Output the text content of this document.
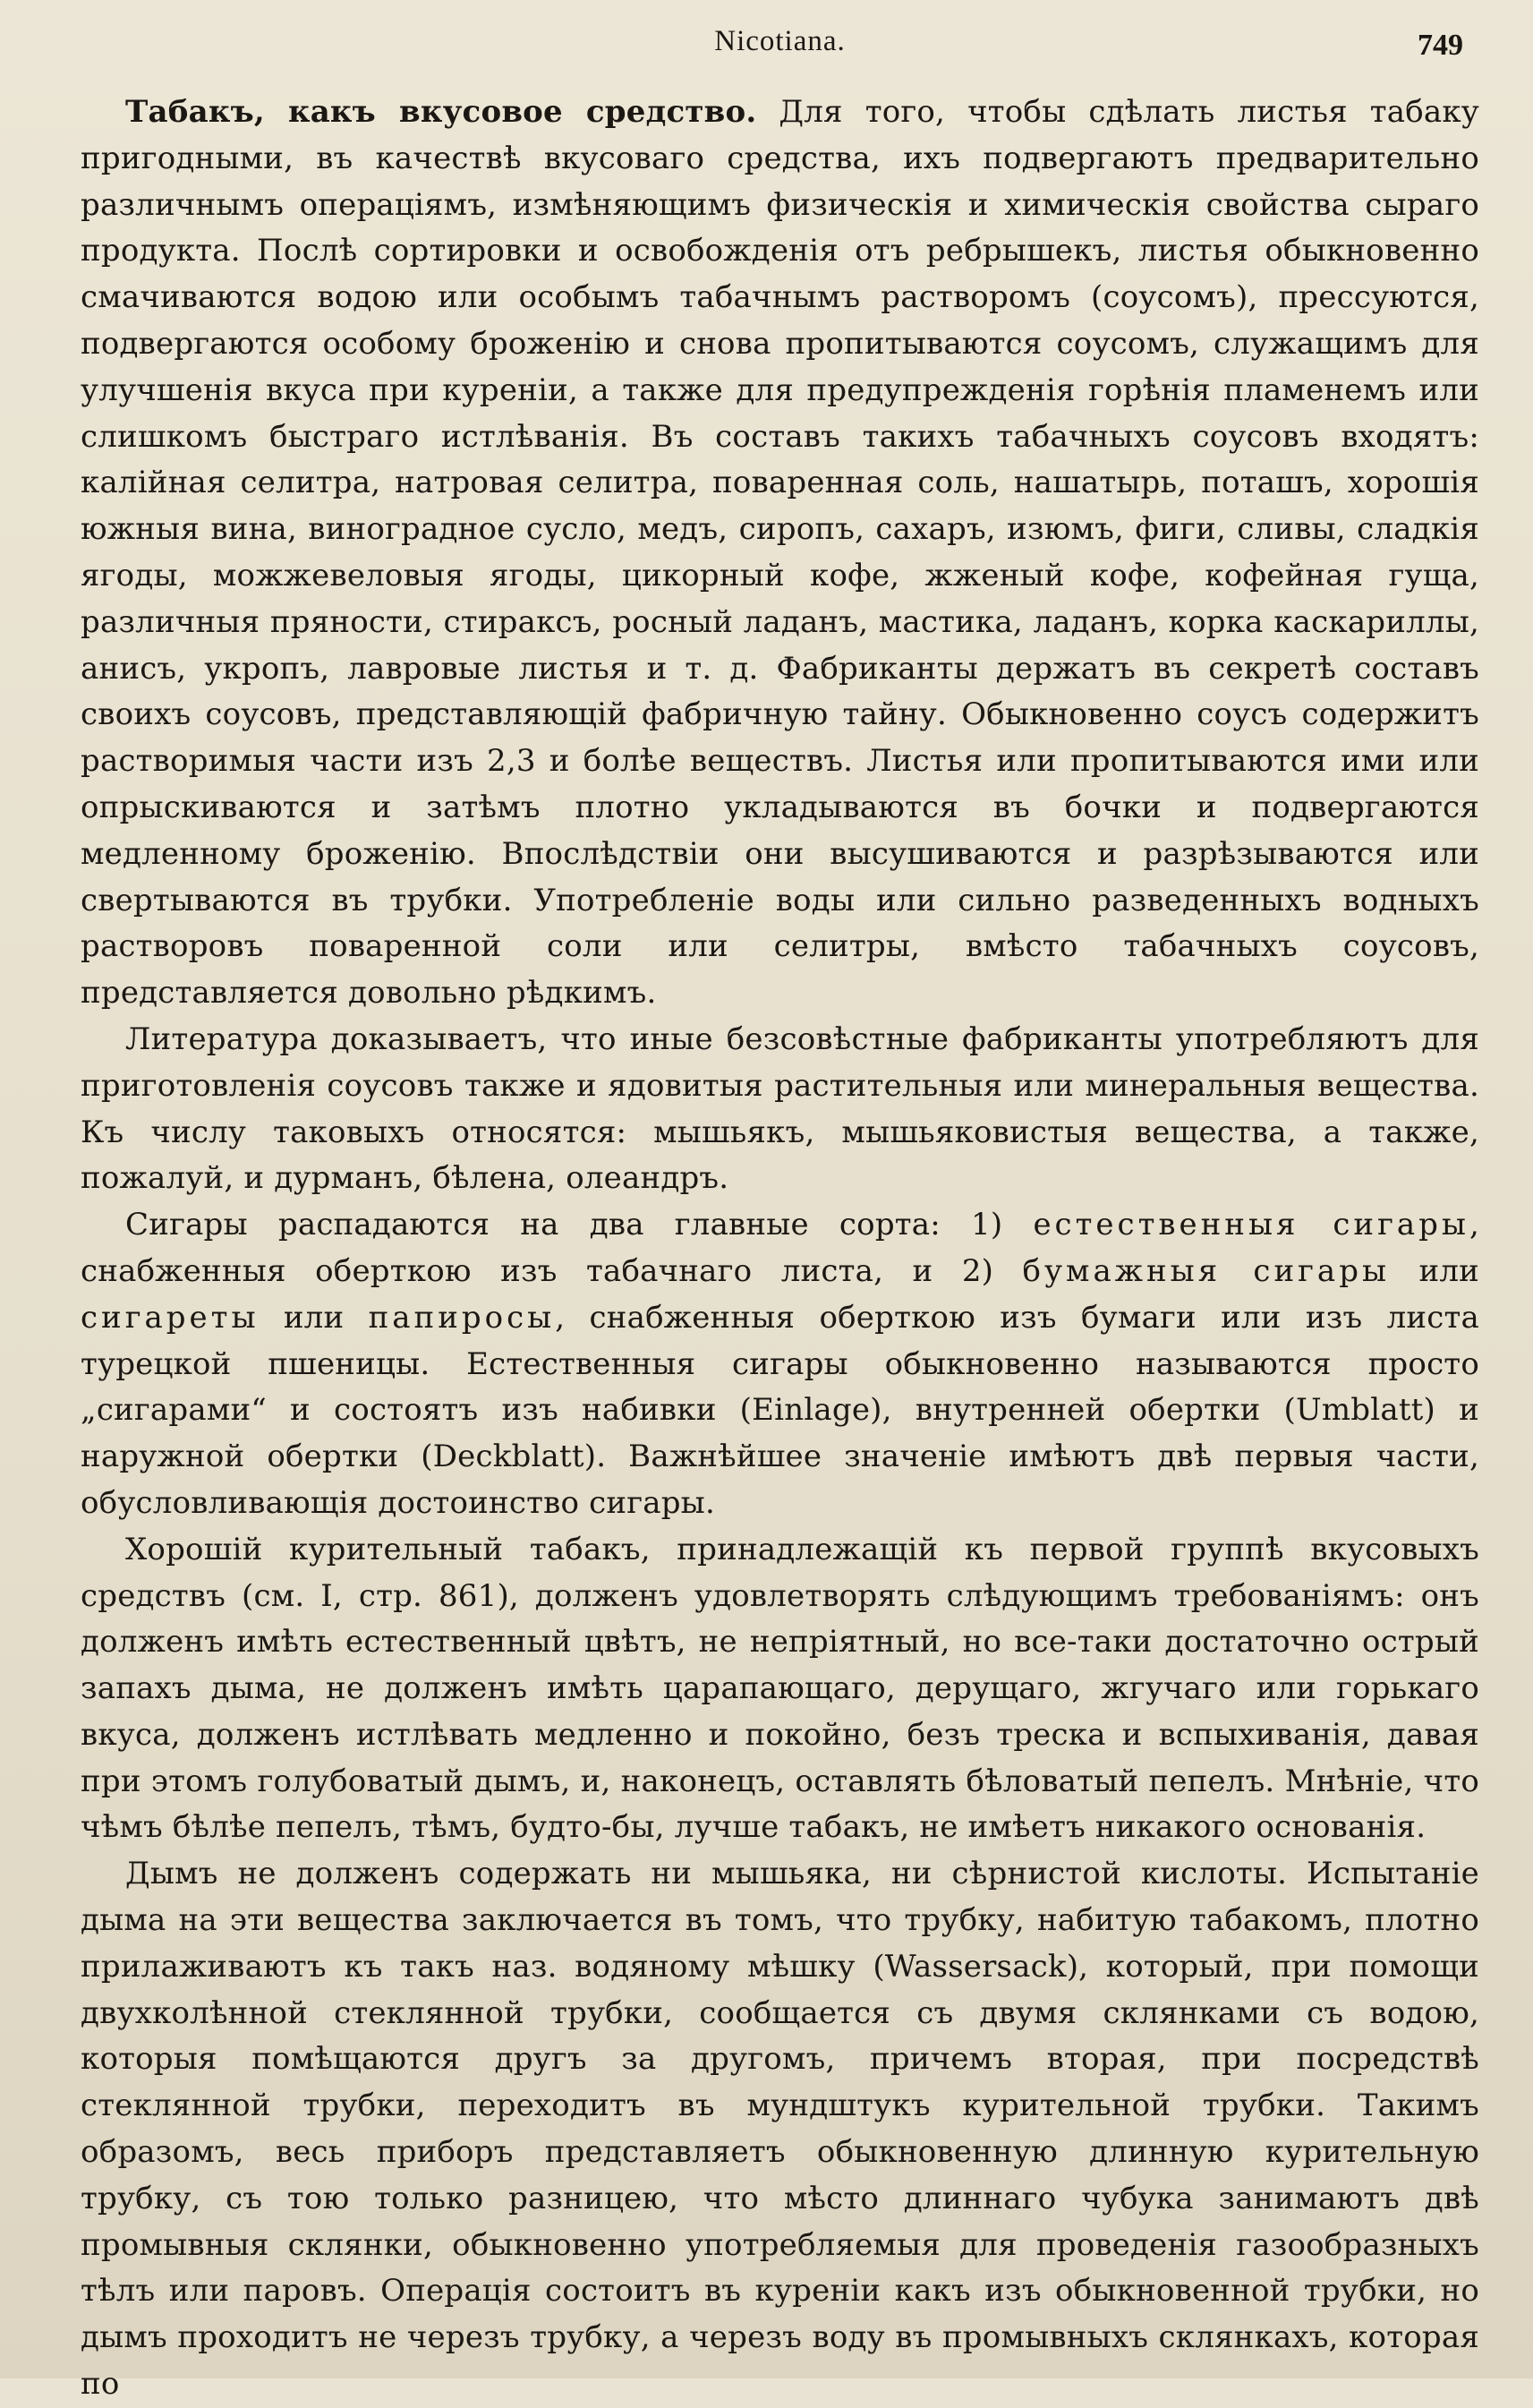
Nicotiana.	749

Табакъ, какъ вкусовое средство. Для того, чтобы сдѣлать листья табаку пригодными, въ качествѣ вкусоваго средства, ихъ подвергаютъ предварительно различнымъ операціямъ, измѣняющимъ физическія и химическія свойства сыраго продукта. Послѣ сортировки и освобожденія отъ ребрышекъ, листья обыкновенно смачиваются водою или особымъ табачнымъ растворомъ (соусомъ), прессуются, подвергаются особому броженію и снова пропитываются соусомъ, служащимъ для улучшенія вкуса при куреніи, а также для предупрежденія горѣнія пламенемъ или слишкомъ быстраго истлѣванія. Въ составъ такихъ табачныхъ соусовъ входятъ: калійная селитра, натровая селитра, поваренная соль, нашатырь, поташъ, хорошія южныя вина, виноградное сусло, медъ, сиропъ, сахаръ, изюмъ, фиги, сливы, сладкія ягоды, можжевеловыя ягоды, цикорный кофе, жженый кофе, кофейная гуща, различныя пряности, стираксъ, росный ладанъ, мастика, ладанъ, корка каскариллы, анисъ, укропъ, лавровые листья и т. д. Фабриканты держатъ въ секретѣ составъ своихъ соусовъ, представляющій фабричную тайну. Обыкновенно соусъ содержитъ растворимыя части изъ 2,3 и болѣе веществъ. Листья или пропитываются ими или опрыскиваются и затѣмъ плотно укладываются въ бочки и подвергаются медленному броженію. Впослѣдствіи они высушиваются и разрѣзываются или свертываются въ трубки. Употребленіе воды или сильно разведенныхъ водныхъ растворовъ поваренной соли или селитры, вмѣсто табачныхъ соусовъ, представляется довольно рѣдкимъ.

Литература доказываетъ, что иные безсовѣстные фабриканты употребляютъ для приготовленія соусовъ также и ядовитыя растительныя или минеральныя вещества. Къ числу таковыхъ относятся: мышьякъ, мышьяковистыя вещества, а также, пожалуй, и дурманъ, бѣлена, олеандръ.

Сигары распадаются на два главные сорта: 1) естественныя сигары, снабженныя оберткою изъ табачнаго листа, и 2) бумажныя сигары или сигареты или папиросы, снабженныя оберткою изъ бумаги или изъ листа турецкой пшеницы. Естественныя сигары обыкновенно называются просто „сигарами“ и состоятъ изъ набивки (Einlage), внутренней обертки (Umblatt) и наружной обертки (Deckblatt). Важнѣйшее значеніе имѣютъ двѣ первыя части, обусловливающія достоинство сигары.

Хорошій курительный табакъ, принадлежащій къ первой группѣ вкусовыхъ средствъ (см. I, стр. 861), долженъ удовлетворять слѣдующимъ требованіямъ: онъ долженъ имѣть естественный цвѣтъ, не непріятный, но все-таки достаточно острый запахъ дыма, не долженъ имѣть царапающаго, дерущаго, жгучаго или горькаго вкуса, долженъ истлѣвать медленно и покойно, безъ треска и вспыхиванія, давая при этомъ голубоватый дымъ, и, наконецъ, оставлять бѣловатый пепелъ. Мнѣніе, что чѣмъ бѣлѣе пепелъ, тѣмъ, будто-бы, лучше табакъ, не имѣетъ никакого основанія.

Дымъ не долженъ содержать ни мышьяка, ни сѣрнистой кислоты. Испытаніе дыма на эти вещества заключается въ томъ, что трубку, набитую табакомъ, плотно прилаживаютъ къ такъ наз. водяному мѣшку (Wassersack), который, при помощи двухколѣнной стеклянной трубки, сообщается съ двумя склянками съ водою, которыя помѣщаются другъ за другомъ, причемъ вторая, при посредствѣ стеклянной трубки, переходитъ въ мундштукъ курительной трубки. Такимъ образомъ, весь приборъ представляетъ обыкновенную длинную курительную трубку, съ тою только разницею, что мѣсто длиннаго чубука занимаютъ двѣ промывныя склянки, обыкновенно употребляемыя для проведенія газообразныхъ тѣлъ или паровъ. Операція состоитъ въ куреніи какъ изъ обыкновенной трубки, но дымъ проходитъ не черезъ трубку, а черезъ воду въ промывныхъ склянкахъ, которая по
